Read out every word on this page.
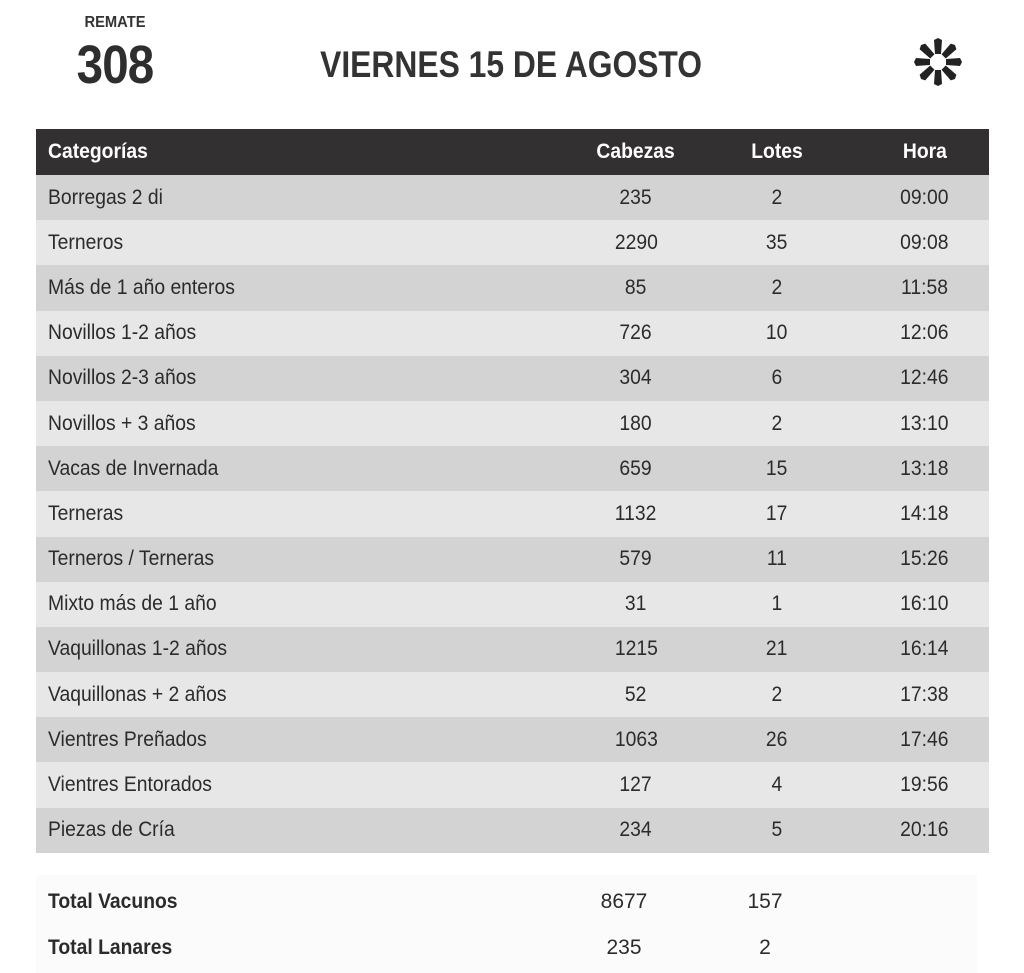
REMATE
308	VIERNES 15 DE AGOSTO
Categorías	Cabezas	Lotes	Hora
Borregas 2 di	235	2	09:00
Terneros	2290	35	09:08
Más de 1 año enteros	85	2	11:58
Novillos 1-2 años	726	10	12:06
Novillos 2-3 años	304	6	12:46
Novillos + 3 años	180	2	13:10
Vacas de Invernada	659	15	13:18
Terneras	1132	17	14:18
Terneros / Terneras	579	11	15:26
Mixto más de 1 año	31	1	16:10
Vaquillonas 1-2 años	1215	21	16:14
Vaquillonas + 2 años	52	2	17:38
Vientres Preñados	1063	26	17:46
Vientres Entorados	127	4	19:56
Piezas de Cría	234	5	20:16
Total Vacunos	8677	157
Total Lanares	235	2
